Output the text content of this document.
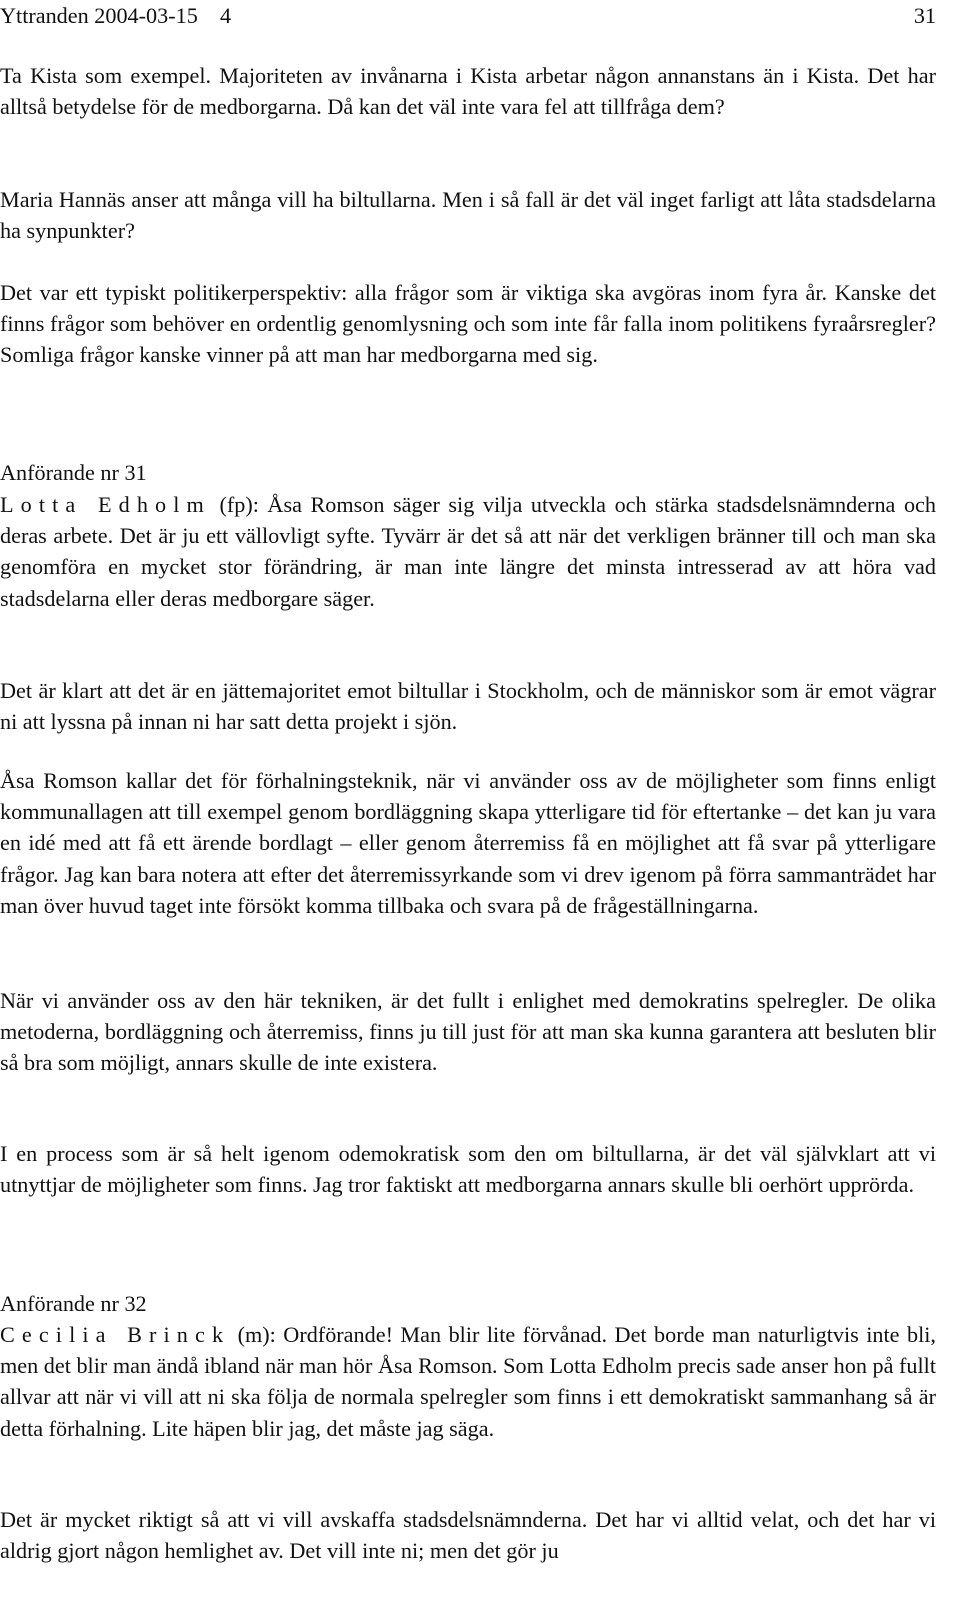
Yttranden 2004-03-15    4	31

Ta Kista som exempel. Majoriteten av invånarna i Kista arbetar någon annanstans än i Kista. Det har alltså betydelse för de medborgarna. Då kan det väl inte vara fel att tillfråga dem?

Maria Hannäs anser att många vill ha biltullarna. Men i så fall är det väl inget farligt att låta stadsdelarna ha synpunkter?

Det var ett typiskt politikerperspektiv: alla frågor som är viktiga ska avgöras inom fyra år. Kanske det finns frågor som behöver en ordentlig genomlysning och som inte får falla inom politikens fyraårsregler? Somliga frågor kanske vinner på att man har medborgarna med sig.

Anförande nr 31

Lotta Edholm (fp): Åsa Romson säger sig vilja utveckla och stärka stadsdelsnämnderna och deras arbete. Det är ju ett vällovligt syfte. Tyvärr är det så att när det verkligen bränner till och man ska genomföra en mycket stor förändring, är man inte längre det minsta intresserad av att höra vad stadsdelarna eller deras medborgare säger.

Det är klart att det är en jättemajoritet emot biltullar i Stockholm, och de människor som är emot vägrar ni att lyssna på innan ni har satt detta projekt i sjön.

Åsa Romson kallar det för förhalningsteknik, när vi använder oss av de möjligheter som finns enligt kommunallagen att till exempel genom bordläggning skapa ytterligare tid för eftertanke – det kan ju vara en idé med att få ett ärende bordlagt – eller genom återremiss få en möjlighet att få svar på ytterligare frågor. Jag kan bara notera att efter det återremissyrkande som vi drev igenom på förra sammanträdet har man över huvud taget inte försökt komma tillbaka och svara på de frågeställningarna.

När vi använder oss av den här tekniken, är det fullt i enlighet med demokratins spelregler. De olika metoderna, bordläggning och återremiss, finns ju till just för att man ska kunna garantera att besluten blir så bra som möjligt, annars skulle de inte existera.

I en process som är så helt igenom odemokratisk som den om biltullarna, är det väl självklart att vi utnyttjar de möjligheter som finns. Jag tror faktiskt att medborgarna annars skulle bli oerhört upprörda.

Anförande nr 32

Cecilia Brinck (m): Ordförande! Man blir lite förvånad. Det borde man naturligtvis inte bli, men det blir man ändå ibland när man hör Åsa Romson. Som Lotta Edholm precis sade anser hon på fullt allvar att när vi vill att ni ska följa de normala spelregler som finns i ett demokratiskt sammanhang så är detta förhalning. Lite häpen blir jag, det måste jag säga.

Det är mycket riktigt så att vi vill avskaffa stadsdelsnämnderna. Det har vi alltid velat, och det har vi aldrig gjort någon hemlighet av. Det vill inte ni; men det gör ju
